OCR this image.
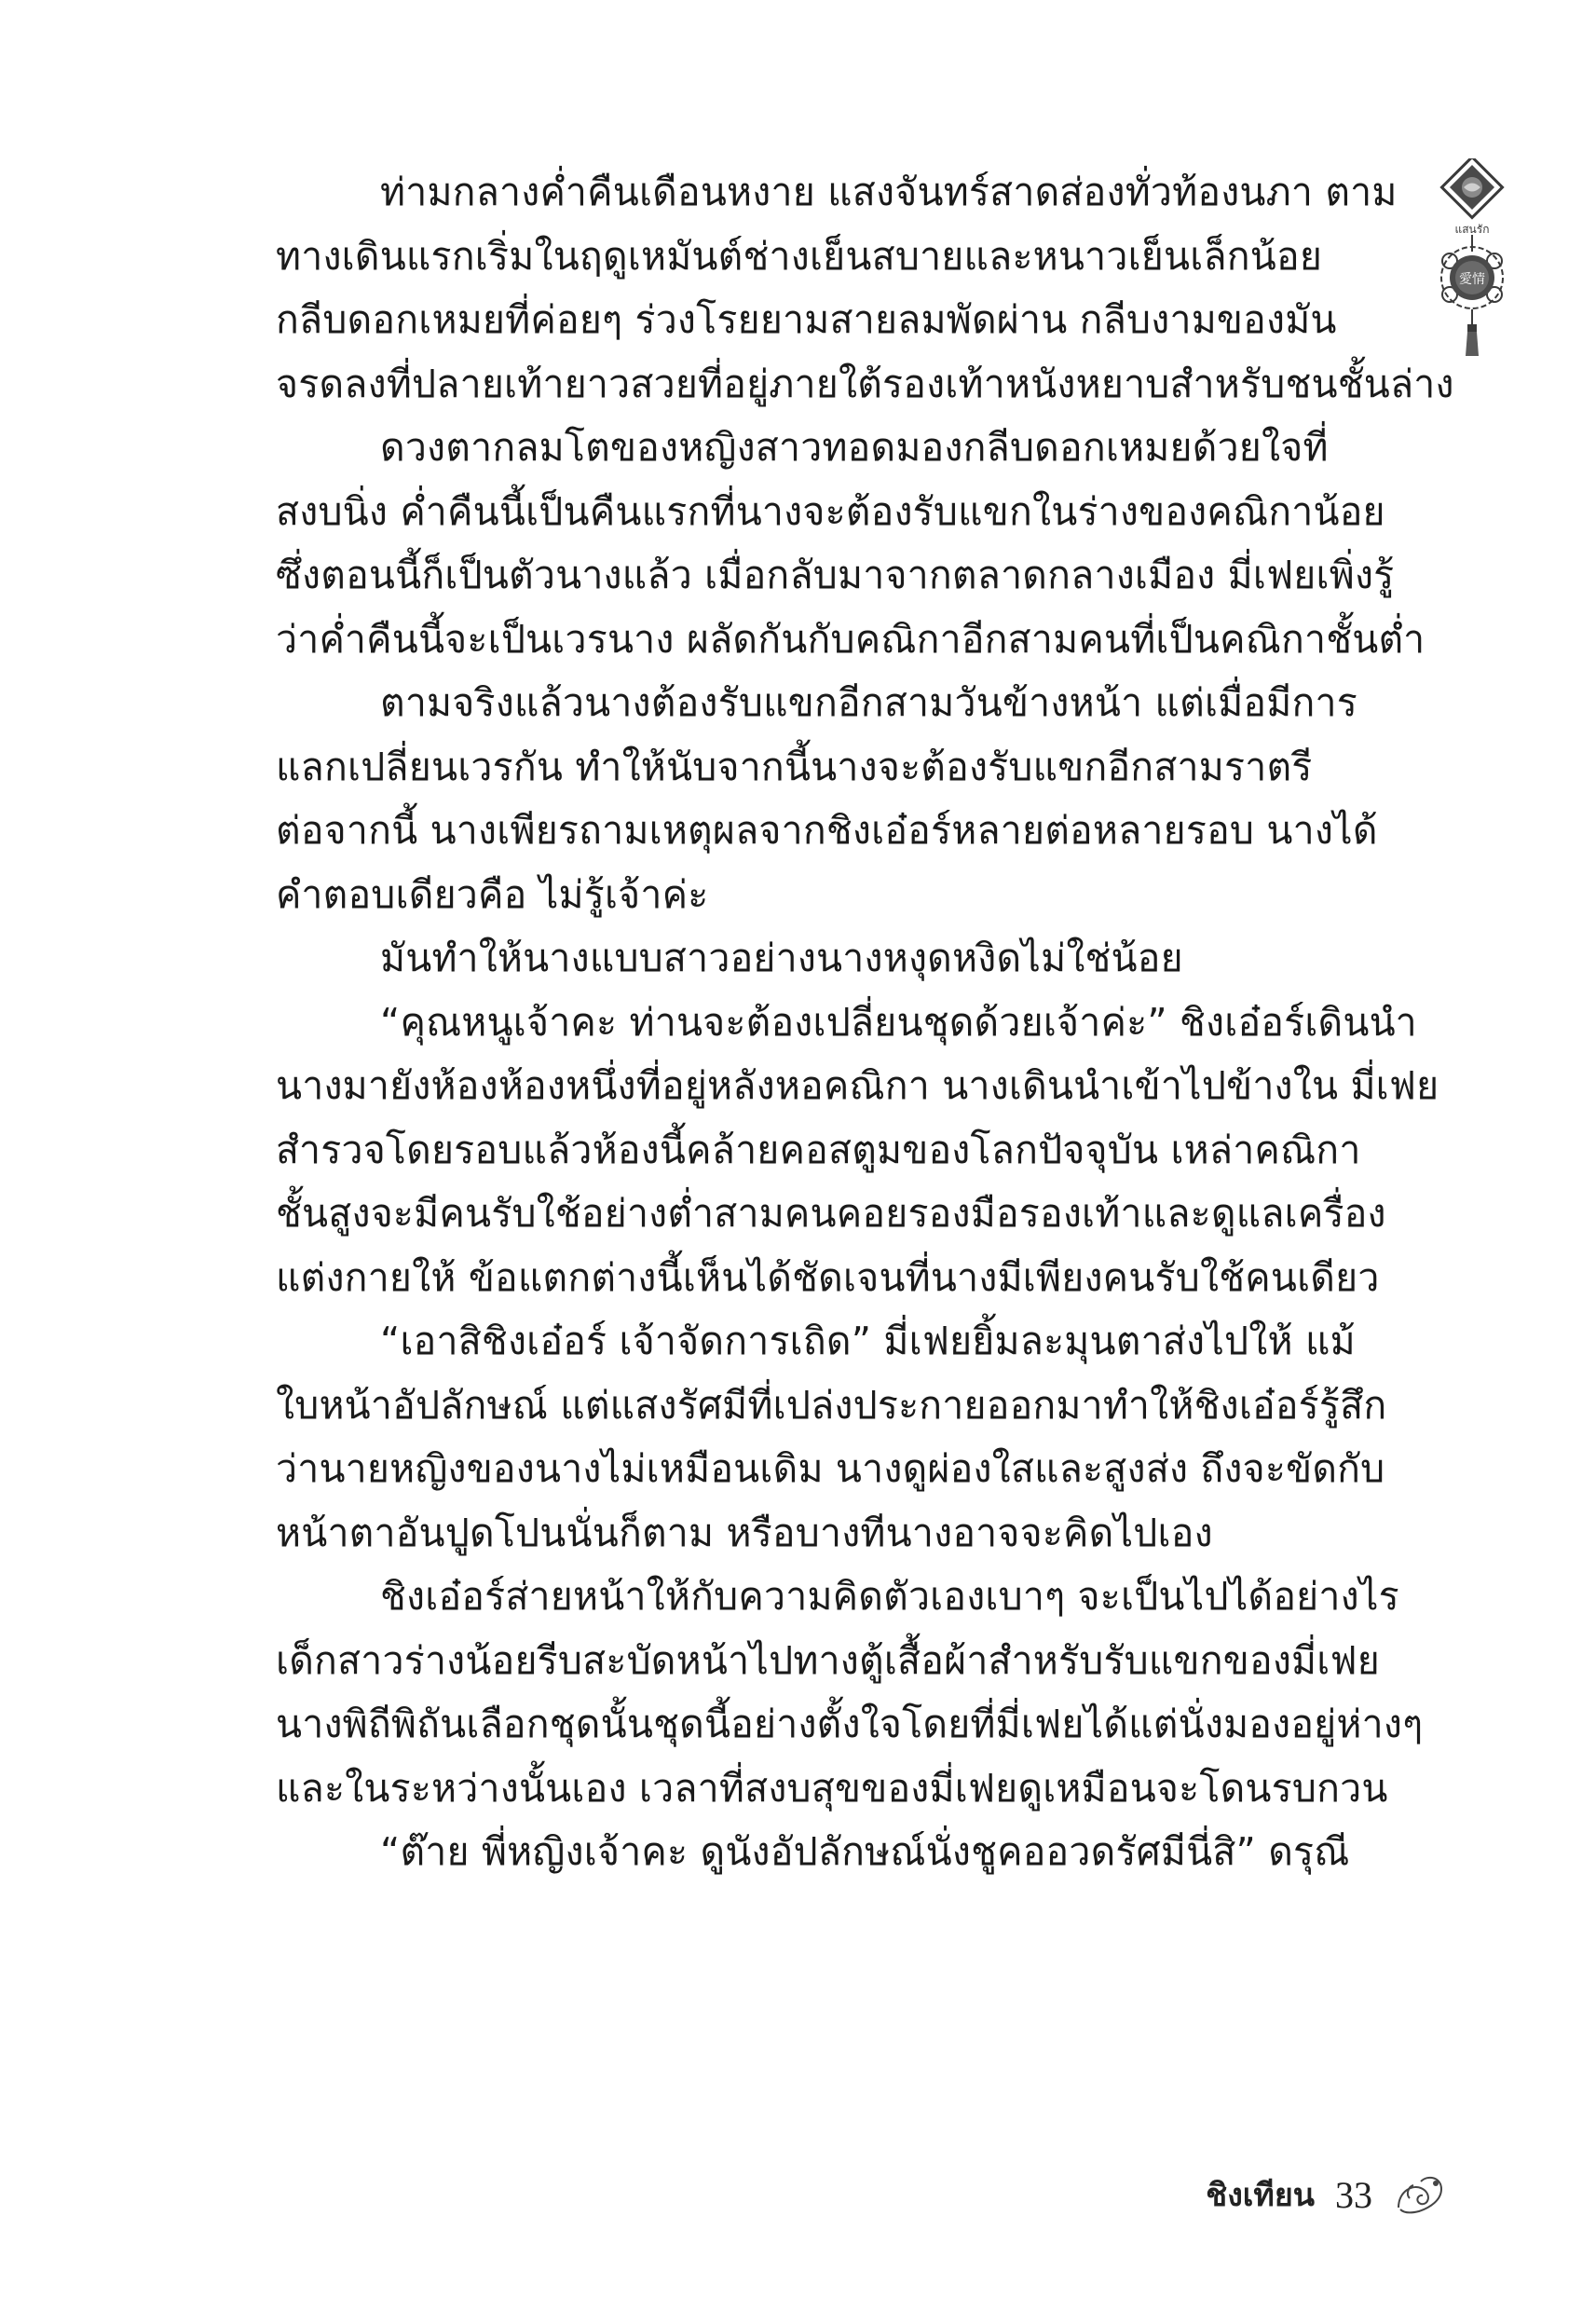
ท่ามกลางค่ำคืนเดือนหงาย แสงจันทร์สาดส่องทั่วท้องนภา ตาม
ทางเดินแรกเริ่มในฤดูเหมันต์ช่างเย็นสบายและหนาวเย็นเล็กน้อย
กลีบดอกเหมยที่ค่อยๆ ร่วงโรยยามสายลมพัดผ่าน กลีบงามของมัน
จรดลงที่ปลายเท้ายาวสวยที่อยู่ภายใต้รองเท้าหนังหยาบสำหรับชนชั้นล่าง
ดวงตากลมโตของหญิงสาวทอดมองกลีบดอกเหมยด้วยใจที่
สงบนิ่ง ค่ำคืนนี้เป็นคืนแรกที่นางจะต้องรับแขกในร่างของคณิกาน้อย
ซึ่งตอนนี้ก็เป็นตัวนางแล้ว เมื่อกลับมาจากตลาดกลางเมือง มี่เฟยเพิ่งรู้
ว่าค่ำคืนนี้จะเป็นเวรนาง ผลัดกันกับคณิกาอีกสามคนที่เป็นคณิกาชั้นต่ำ
ตามจริงแล้วนางต้องรับแขกอีกสามวันข้างหน้า แต่เมื่อมีการ
แลกเปลี่ยนเวรกัน ทำให้นับจากนี้นางจะต้องรับแขกอีกสามราตรี
ต่อจากนี้ นางเพียรถามเหตุผลจากชิงเอ๋อร์หลายต่อหลายรอบ นางได้
คำตอบเดียวคือ ไม่รู้เจ้าค่ะ
มันทำให้นางแบบสาวอย่างนางหงุดหงิดไม่ใช่น้อย
“คุณหนูเจ้าคะ ท่านจะต้องเปลี่ยนชุดด้วยเจ้าค่ะ” ชิงเอ๋อร์เดินนำ
นางมายังห้องห้องหนึ่งที่อยู่หลังหอคณิกา นางเดินนำเข้าไปข้างใน มี่เฟย
สำรวจโดยรอบแล้วห้องนี้คล้ายคอสตูมของโลกปัจจุบัน เหล่าคณิกา
ชั้นสูงจะมีคนรับใช้อย่างต่ำสามคนคอยรองมือรองเท้าและดูแลเครื่อง
แต่งกายให้ ข้อแตกต่างนี้เห็นได้ชัดเจนที่นางมีเพียงคนรับใช้คนเดียว
“เอาสิชิงเอ๋อร์ เจ้าจัดการเถิด” มี่เฟยยิ้มละมุนตาส่งไปให้ แม้
ใบหน้าอัปลักษณ์ แต่แสงรัศมีที่เปล่งประกายออกมาทำให้ชิงเอ๋อร์รู้สึก
ว่านายหญิงของนางไม่เหมือนเดิม นางดูผ่องใสและสูงส่ง ถึงจะขัดกับ
หน้าตาอันปูดโปนนั่นก็ตาม หรือบางทีนางอาจจะคิดไปเอง
ชิงเอ๋อร์ส่ายหน้าให้กับความคิดตัวเองเบาๆ จะเป็นไปได้อย่างไร
เด็กสาวร่างน้อยรีบสะบัดหน้าไปทางตู้เสื้อผ้าสำหรับรับแขกของมี่เฟย
นางพิถีพิถันเลือกชุดนั้นชุดนี้อย่างตั้งใจโดยที่มี่เฟยได้แต่นั่งมองอยู่ห่างๆ
และในระหว่างนั้นเอง เวลาที่สงบสุขของมี่เฟยดูเหมือนจะโดนรบกวน
“ต๊าย พี่หญิงเจ้าคะ ดูนังอัปลักษณ์นั่งชูคออวดรัศมีนี่สิ” ดรุณี
แสนรัก
愛情
ชิงเทียน 33
